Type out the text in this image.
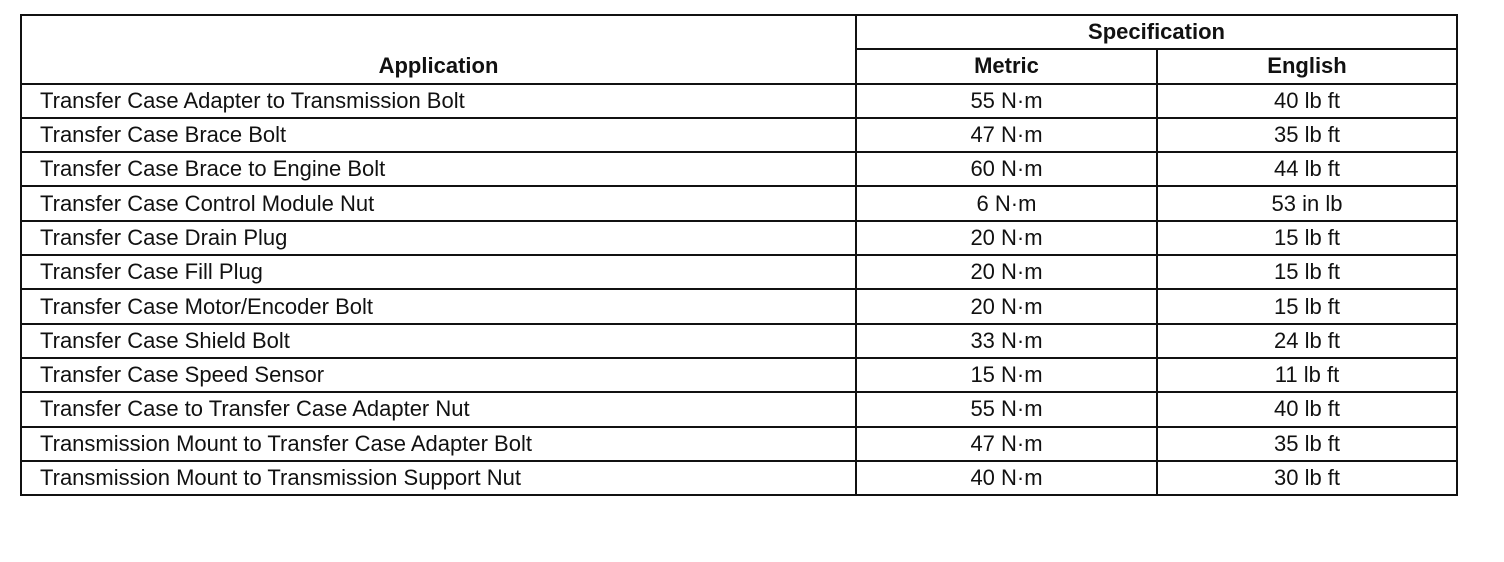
Application	Specification	
	Metric	English
Transfer Case Adapter to Transmission Bolt	55 N·m	40 lb ft
Transfer Case Brace Bolt	47 N·m	35 lb ft
Transfer Case Brace to Engine Bolt	60 N·m	44 lb ft
Transfer Case Control Module Nut	6 N·m	53 in lb
Transfer Case Drain Plug	20 N·m	15 lb ft
Transfer Case Fill Plug	20 N·m	15 lb ft
Transfer Case Motor/Encoder Bolt	20 N·m	15 lb ft
Transfer Case Shield Bolt	33 N·m	24 lb ft
Transfer Case Speed Sensor	15 N·m	11 lb ft
Transfer Case to Transfer Case Adapter Nut	55 N·m	40 lb ft
Transmission Mount to Transfer Case Adapter Bolt	47 N·m	35 lb ft
Transmission Mount to Transmission Support Nut	40 N·m	30 lb ft
